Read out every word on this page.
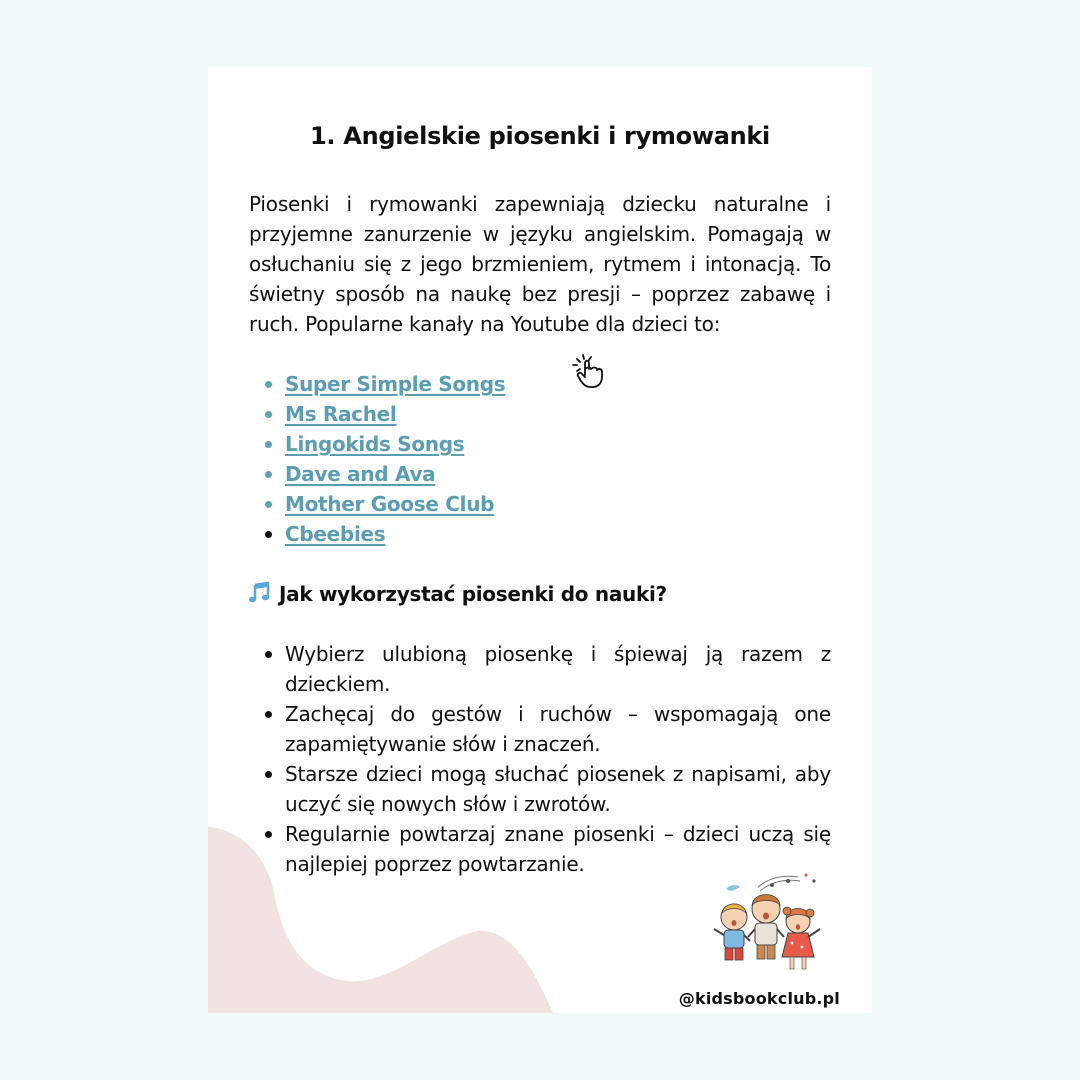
1. Angielskie piosenki i rymowanki

Piosenki i rymowanki zapewniają dziecku naturalne i przyjemne zanurzenie w języku angielskim. Pomagają w osłuchaniu się z jego brzmieniem, rytmem i intonacją. To świetny sposób na naukę bez presji – poprzez zabawę i ruch. Popularne kanały na Youtube dla dzieci to:

Super Simple Songs
Ms Rachel
Lingokids Songs
Dave and Ava
Mother Goose Club
Cbeebies
Jak wykorzystać piosenki do nauki?
Wybierz ulubioną piosenkę i śpiewaj ją razem z dzieckiem.
Zachęcaj do gestów i ruchów – wspomagają one zapamiętywanie słów i znaczeń.
Starsze dzieci mogą słuchać piosenek z napisami, aby uczyć się nowych słów i zwrotów.
Regularnie powtarzaj znane piosenki – dzieci uczą się najlepiej poprzez powtarzanie.
@kidsbookclub.pl
